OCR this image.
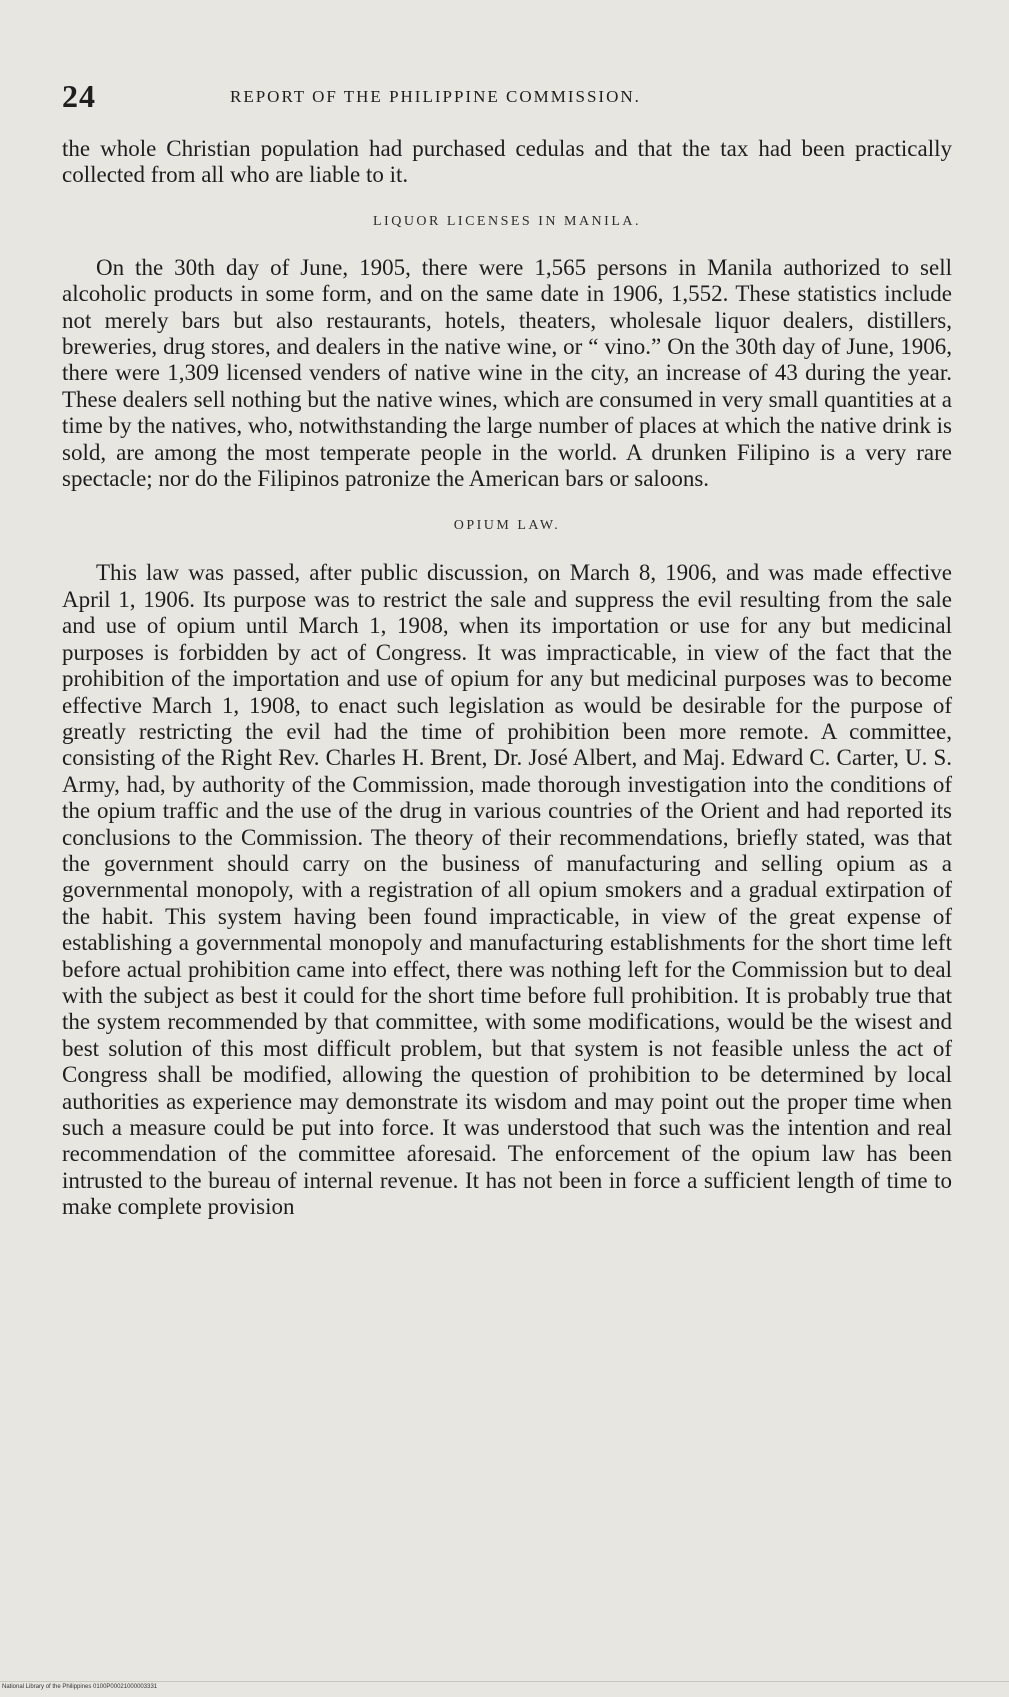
24	REPORT OF THE PHILIPPINE COMMISSION.

the whole Christian population had purchased cedulas and that the tax had been practically collected from all who are liable to it.

LIQUOR LICENSES IN MANILA.

On the 30th day of June, 1905, there were 1,565 persons in Manila authorized to sell alcoholic products in some form, and on the same date in 1906, 1,552. These statistics include not merely bars but also restaurants, hotels, theaters, wholesale liquor dealers, distillers, breweries, drug stores, and dealers in the native wine, or “ vino.” On the 30th day of June, 1906, there were 1,309 licensed venders of native wine in the city, an increase of 43 during the year. These dealers sell nothing but the native wines, which are consumed in very small quantities at a time by the natives, who, notwithstanding the large number of places at which the native drink is sold, are among the most temperate people in the world. A drunken Filipino is a very rare spectacle; nor do the Filipinos patronize the American bars or saloons.

OPIUM LAW.

This law was passed, after public discussion, on March 8, 1906, and was made effective April 1, 1906. Its purpose was to restrict the sale and suppress the evil resulting from the sale and use of opium until March 1, 1908, when its importation or use for any but medicinal purposes is forbidden by act of Congress. It was impracticable, in view of the fact that the prohibition of the importation and use of opium for any but medicinal purposes was to become effective March 1, 1908, to enact such legislation as would be desirable for the purpose of greatly restricting the evil had the time of prohibition been more remote. A committee, consisting of the Right Rev. Charles H. Brent, Dr. José Albert, and Maj. Edward C. Carter, U. S. Army, had, by authority of the Commission, made thorough investigation into the conditions of the opium traffic and the use of the drug in various countries of the Orient and had reported its conclusions to the Commission. The theory of their recommendations, briefly stated, was that the government should carry on the business of manufacturing and selling opium as a governmental monopoly, with a registration of all opium smokers and a gradual extirpation of the habit. This system having been found impracticable, in view of the great expense of establishing a governmental monopoly and manufacturing establishments for the short time left before actual prohibition came into effect, there was nothing left for the Commission but to deal with the subject as best it could for the short time before full prohibition. It is probably true that the system recommended by that committee, with some modifications, would be the wisest and best solution of this most difficult problem, but that system is not feasible unless the act of Congress shall be modified, allowing the question of prohibition to be determined by local authorities as experience may demonstrate its wisdom and may point out the proper time when such a measure could be put into force. It was understood that such was the intention and real recommendation of the committee aforesaid. The enforcement of the opium law has been intrusted to the bureau of internal revenue. It has not been in force a sufficient length of time to make complete provision

National Library of the Philippines 0100P00021000003331
